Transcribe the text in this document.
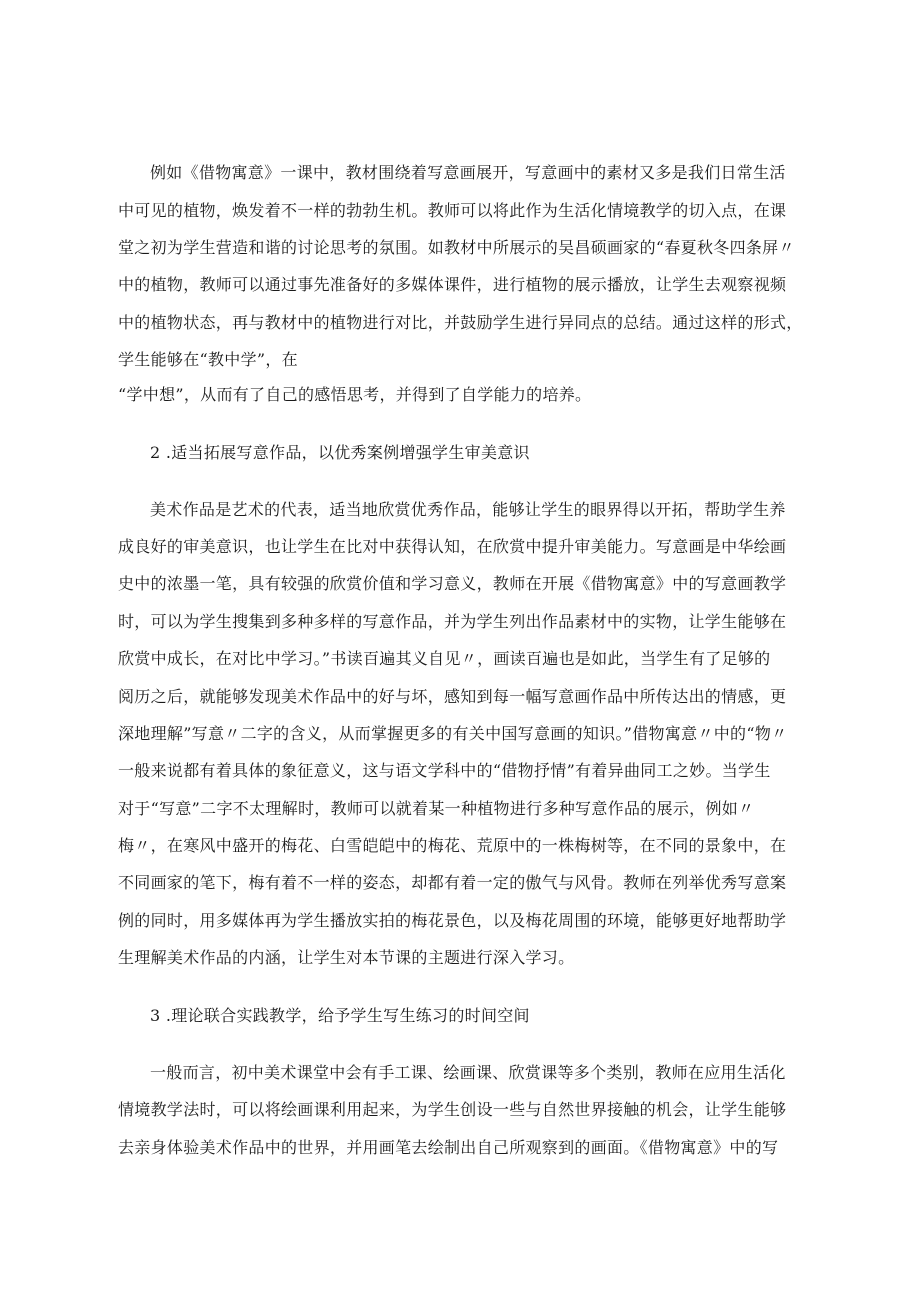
例如《借物寓意》一课中，教材围绕着写意画展开，写意画中的素材又多是我们日常生活

中可见的植物，焕发着不一样的勃勃生机。教师可以将此作为生活化情境教学的切入点，在课

堂之初为学生营造和谐的讨论思考的氛围。如教材中所展示的吴昌硕画家的“春夏秋冬四条屏〃

中的植物，教师可以通过事先准备好的多媒体课件，进行植物的展示播放，让学生去观察视频

中的植物状态，再与教材中的植物进行对比，并鼓励学生进行异同点的总结。通过这样的形式，

学生能够在“教中学”，在

“学中想”，从而有了自己的感悟思考，并得到了自学能力的培养。

2 .适当拓展写意作品，以优秀案例增强学生审美意识

美术作品是艺术的代表，适当地欣赏优秀作品，能够让学生的眼界得以开拓，帮助学生养

成良好的审美意识，也让学生在比对中获得认知，在欣赏中提升审美能力。写意画是中华绘画

史中的浓墨一笔，具有较强的欣赏价值和学习意义，教师在开展《借物寓意》中的写意画教学

时，可以为学生搜集到多种多样的写意作品，并为学生列出作品素材中的实物，让学生能够在

欣赏中成长，在对比中学习。”书读百遍其义自见〃，画读百遍也是如此，当学生有了足够的

阅历之后，就能够发现美术作品中的好与坏，感知到每一幅写意画作品中所传达出的情感，更

深地理解”写意〃二字的含义，从而掌握更多的有关中国写意画的知识。”借物寓意〃中的“物〃

一般来说都有着具体的象征意义，这与语文学科中的“借物抒情”有着异曲同工之妙。当学生

对于“写意”二字不太理解时，教师可以就着某一种植物进行多种写意作品的展示，例如〃

梅〃，在寒风中盛开的梅花、白雪皑皑中的梅花、荒原中的一株梅树等，在不同的景象中，在

不同画家的笔下，梅有着不一样的姿态，却都有着一定的傲气与风骨。教师在列举优秀写意案

例的同时，用多媒体再为学生播放实拍的梅花景色，以及梅花周围的环境，能够更好地帮助学

生理解美术作品的内涵，让学生对本节课的主题进行深入学习。

3 .理论联合实践教学，给予学生写生练习的时间空间

一般而言，初中美术课堂中会有手工课、绘画课、欣赏课等多个类别，教师在应用生活化

情境教学法时，可以将绘画课利用起来，为学生创设一些与自然世界接触的机会，让学生能够

去亲身体验美术作品中的世界，并用画笔去绘制出自己所观察到的画面。《借物寓意》中的写
